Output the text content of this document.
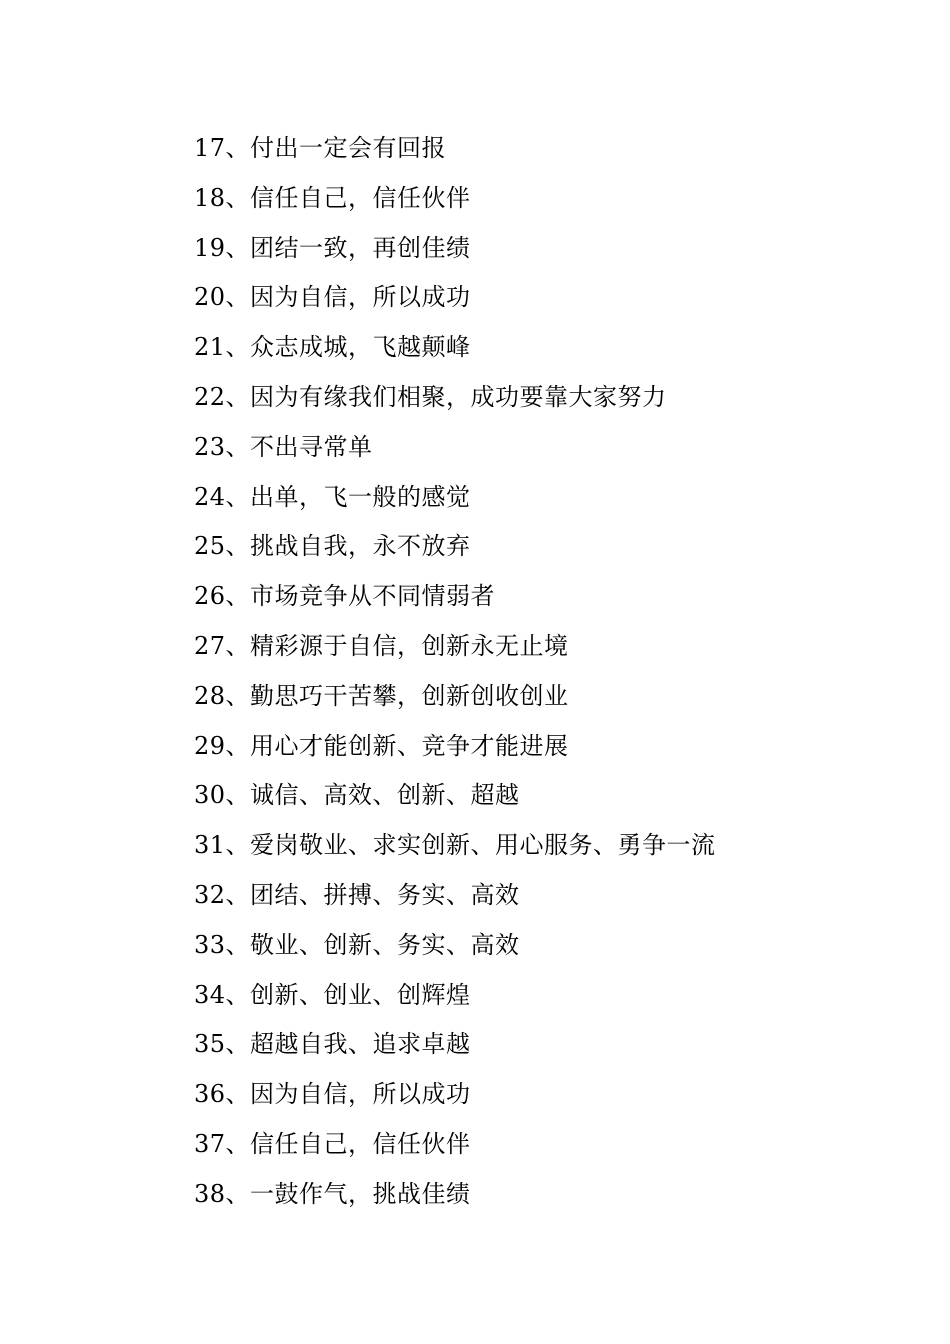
17、付出一定会有回报
18、信任自己，信任伙伴
19、团结一致，再创佳绩
20、因为自信，所以成功
21、众志成城，飞越颠峰
22、因为有缘我们相聚，成功要靠大家努力
23、不出寻常单
24、出单，飞一般的感觉
25、挑战自我，永不放弃
26、市场竞争从不同情弱者
27、精彩源于自信，创新永无止境
28、勤思巧干苦攀，创新创收创业
29、用心才能创新、竞争才能进展
30、诚信、高效、创新、超越
31、爱岗敬业、求实创新、用心服务、勇争一流
32、团结、拼搏、务实、高效
33、敬业、创新、务实、高效
34、创新、创业、创辉煌
35、超越自我、追求卓越
36、因为自信，所以成功
37、信任自己，信任伙伴
38、一鼓作气，挑战佳绩
